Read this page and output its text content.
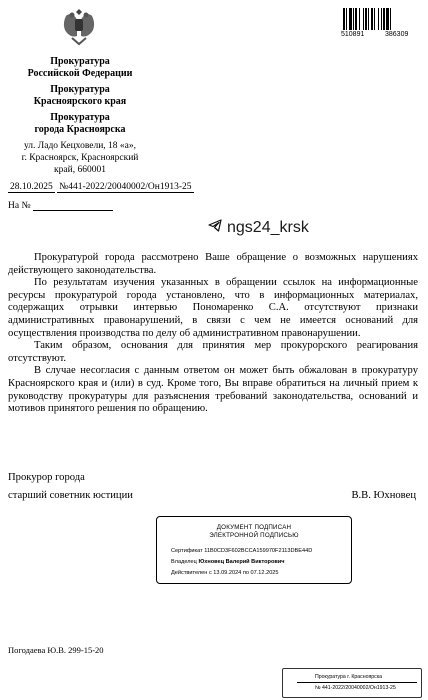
Прокуратура
Российской Федерации
Прокуратура
Красноярского края
Прокуратура
города Красноярска
ул. Ладо Кецховели, 18 «а»,
г. Красноярск, Красноярский
край, 660001
510891	386309
28.10.2025 №441-2022/20040002/Он1913-25
На №
ngs24_krsk

Прокуратурой города рассмотрено Ваше обращение о возможных нарушениях действующего законодательства.

По результатам изучения указанных в обращении ссылок на информационные ресурсы прокуратурой города установлено, что в информационных материалах, содержащих отрывки интервью Пономаренко С.А. отсутствуют признаки административных правонарушений, в связи с чем не имеется оснований для осуществления производства по делу об административном правонарушении.

Таким образом, основания для принятия мер прокурорского реагирования отсутствуют.

В случае несогласия с данным ответом он может быть обжалован в прокуратуру Красноярского края и (или) в суд. Кроме того, Вы вправе обратиться на личный прием к руководству прокуратуры для разъяснения требований законодательства, оснований и мотивов принятого решения по обращению.

Прокурор города
старший советник юстиции	В.В. Юхновец
ДОКУМЕНТ ПОДПИСАН
ЭЛЕКТРОННОЙ ПОДПИСЬЮ
Сертификат 11B0CD3F602BCCA159970F2113DBE44D
Владелец Юхновец Валерий Викторович
Действителен с 13.09.2024 по 07.12.2025
Погодаева Ю.В. 299-15-20
Прокуратура г. Красноярска
№ 441-2022/20040002/Он1913-25
